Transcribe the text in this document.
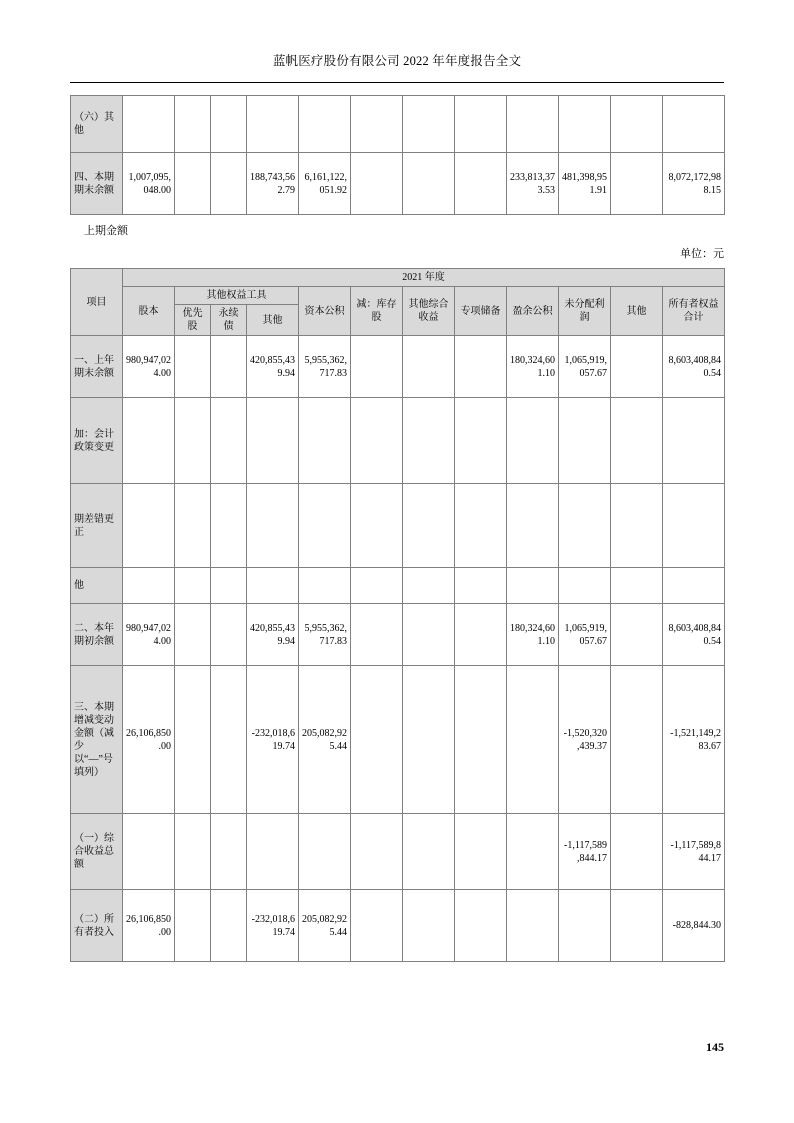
蓝帆医疗股份有限公司 2022 年年度报告全文
（六）其他												
四、本期期末余额	1,007,095,048.00			188,743,562.79	6,161,122,051.92				233,813,373.53	481,398,951.91		8,072,172,988.15
上期金额
单位：元
项目	2021 年度											
	股本	其他权益工具			资本公积	减：库存股	其他综合收益	专项储备	盈余公积	未分配利润	其他	所有者权益合计
		优先股	永续债	其他								
一、上年期末余额	980,947,024.00			420,855,439.94	5,955,362,717.83				180,324,601.10	1,065,919,057.67		8,603,408,840.54
加：会计政策变更												
期差错更正												
他												
二、本年期初余额	980,947,024.00			420,855,439.94	5,955,362,717.83				180,324,601.10	1,065,919,057.67		8,603,408,840.54
三、本期增减变动金额（减少以“—”号填列）	26,106,850.00			-232,018,619.74	205,082,925.44					-1,520,320,439.37		-1,521,149,283.67
（一）综合收益总额										-1,117,589,844.17		-1,117,589,844.17
（二）所有者投入	26,106,850.00			-232,018,619.74	205,082,925.44							-828,844.30
145
